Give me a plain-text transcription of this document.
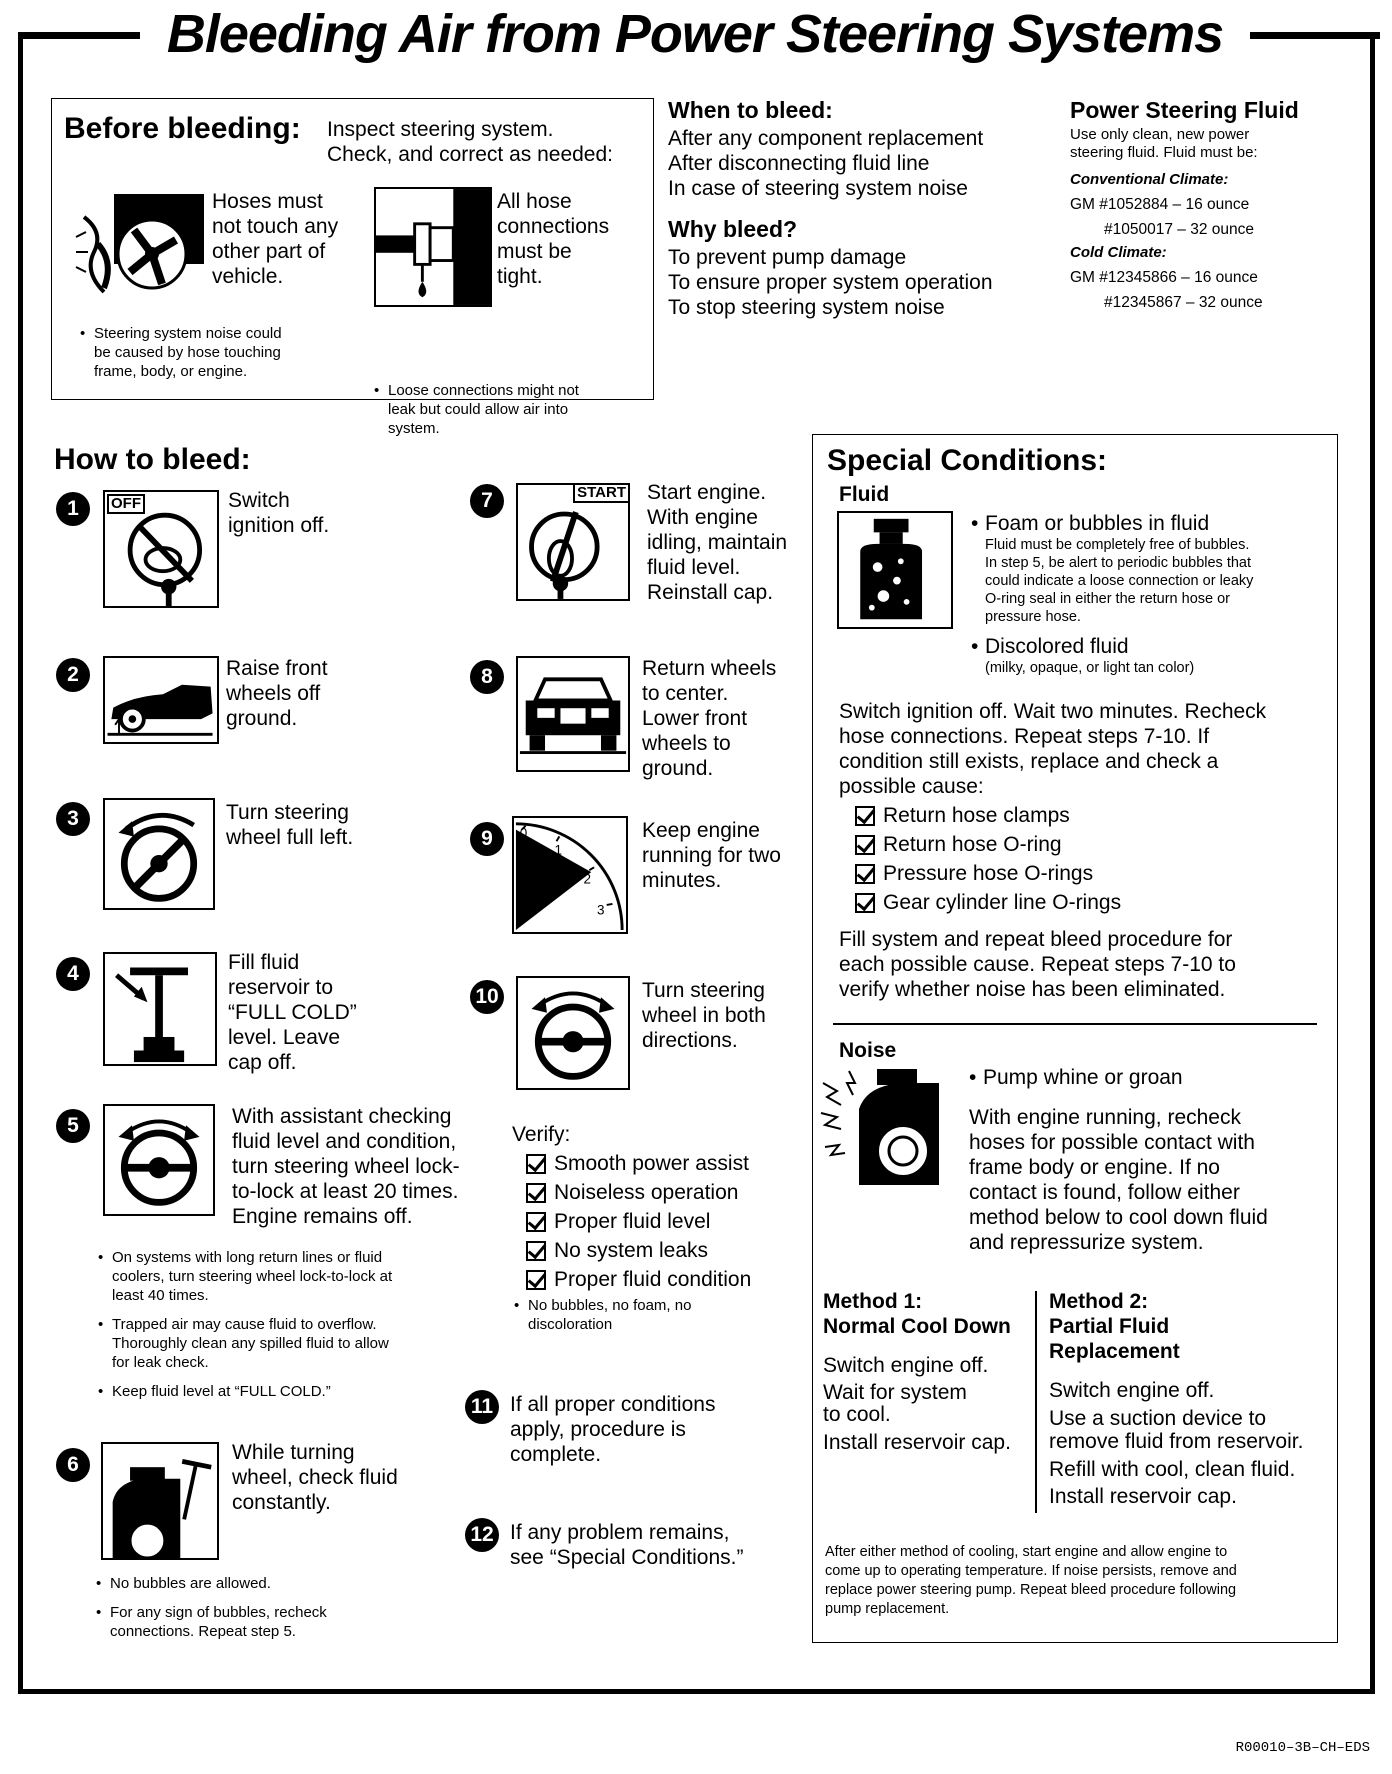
Bleeding Air from Power Steering Systems
Before bleeding: Inspect steering system.
Check, and correct as needed:
Hoses must
not touch any
other part of
vehicle.
• Steering system noise could
be caused by hose touching
frame, body, or engine.
All hose
connections
must be
tight.
• Loose connections might not
leak but could allow air into
system.
When to bleed:
After any component replacement
After disconnecting fluid line
In case of steering system noise
Why bleed?
To prevent pump damage
To ensure proper system operation
To stop steering system noise
Power Steering Fluid
Use only clean, new power
steering fluid. Fluid must be:
Conventional Climate:
GM #1052884 – 16 ounce
#1050017 – 32 ounce
Cold Climate:
GM #12345866 – 16 ounce
#12345867 – 32 ounce
How to bleed:
1	OFF	Switch
ignition off.
2	Raise front
wheels off
ground.
3	Turn steering
wheel full left.
4	Fill fluid
reservoir to
“FULL COLD”
level. Leave
cap off.
5	With assistant checking
fluid level and condition,
turn steering wheel lock-
to-lock at least 20 times.
Engine remains off.
• On systems with long return lines or fluid
coolers, turn steering wheel lock-to-lock at
least 40 times.
• Trapped air may cause fluid to overflow.
Thoroughly clean any spilled fluid to allow
for leak check.
• Keep fluid level at “FULL COLD.”
6
While turning
wheel, check fluid
constantly.
• No bubbles are allowed.
• For any sign of bubbles, recheck
connections. Repeat step 5.
7	START Start engine.
With engine
idling, maintain
fluid level.
Reinstall cap.
8	Return wheels
to center.
Lower front
wheels to
ground.
9	0
1
2
3
Keep engine
running for two
minutes.
10	Turn steering
wheel in both
directions.
Verify:
Smooth power assist
Noiseless operation
Proper fluid level
No system leaks
Proper fluid condition
• No bubbles, no foam, no
discoloration
11 If all proper conditions
apply, procedure is
complete.
12 If any problem remains,
see “Special Conditions.”
Special Conditions:
Fluid
• Foam or bubbles in fluid
Fluid must be completely free of bubbles.
In step 5, be alert to periodic bubbles that
could indicate a loose connection or leaky
O-ring seal in either the return hose or
pressure hose.
• Discolored fluid
(milky, opaque, or light tan color)
Switch ignition off. Wait two minutes. Recheck
hose connections. Repeat steps 7-10. If
condition still exists, replace and check a
possible cause:
Return hose clamps
Return hose O-ring
Pressure hose O-rings
Gear cylinder line O-rings
Fill system and repeat bleed procedure for
each possible cause. Repeat steps 7-10 to
verify whether noise has been eliminated.
Noise
• Pump whine or groan
With engine running, recheck
hoses for possible contact with
frame body or engine. If no
contact is found, follow either
method below to cool down fluid
and repressurize system.
Method 1:
Normal Cool Down
Switch engine off.
Wait for system
to cool.
Install reservoir cap.
Method 2:
Partial Fluid
Replacement
Switch engine off.
Use a suction device to
remove fluid from reservoir.
Refill with cool, clean fluid.
Install reservoir cap.
After either method of cooling, start engine and allow engine to
come up to operating temperature. If noise persists, remove and
replace power steering pump. Repeat bleed procedure following
pump replacement.
R00010–3B–CH–EDS
